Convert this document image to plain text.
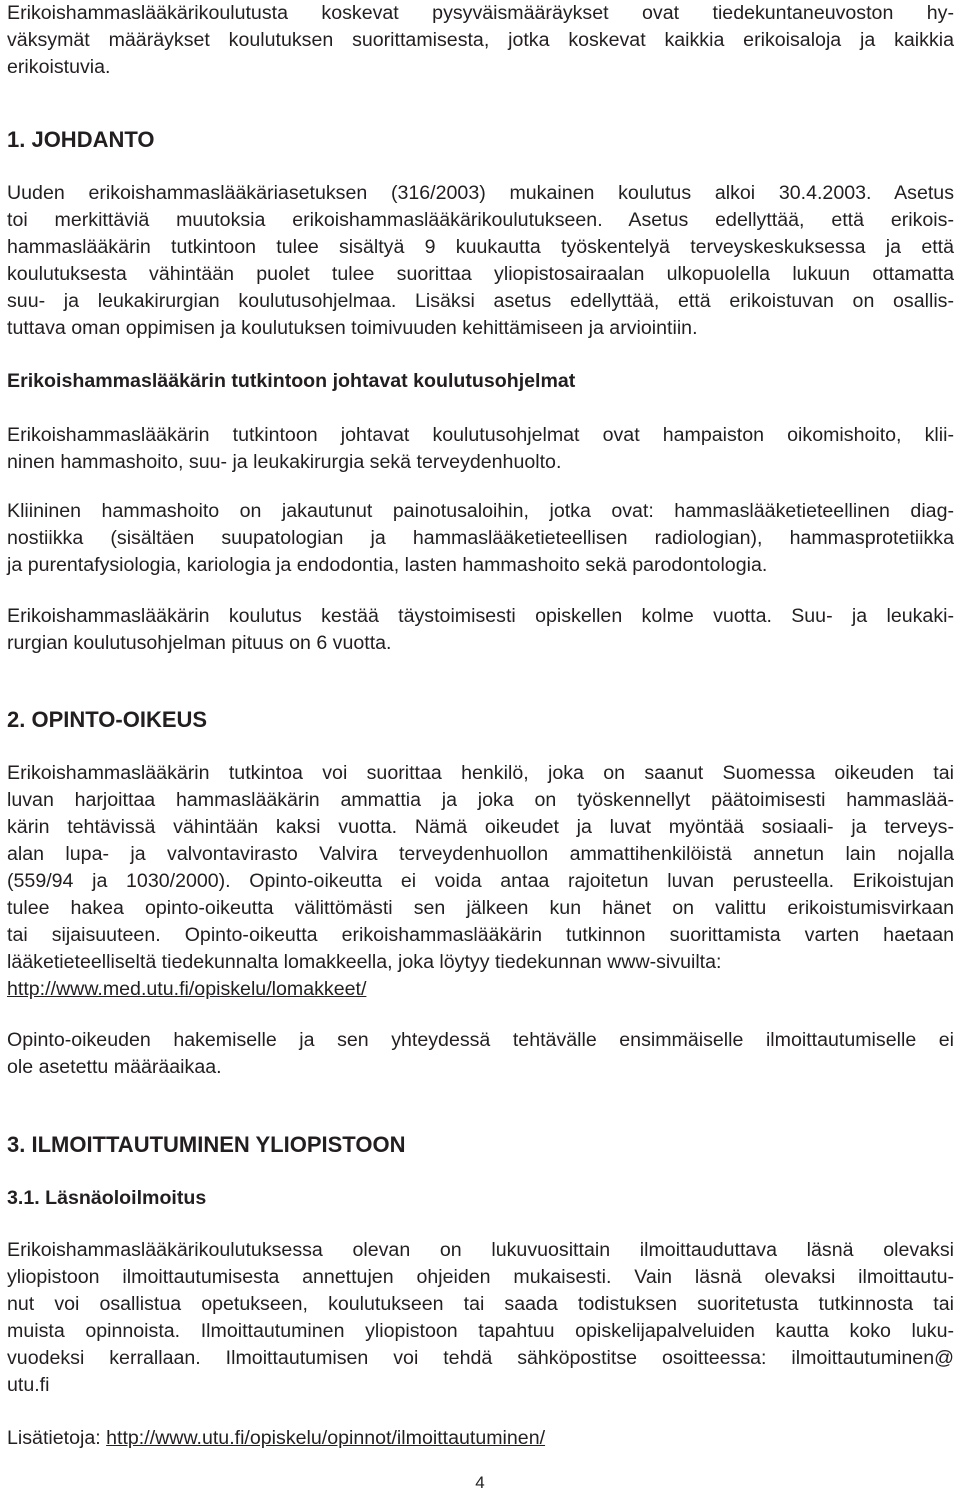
Erikoishammaslääkärikoulutusta koskevat pysyväismääräykset ovat tiedekuntaneuvoston hy-
väksymät määräykset koulutuksen suorittamisesta, jotka koskevat kaikkia erikoisaloja ja kaikkia
erikoistuvia.
1. JOHDANTO
Uuden erikoishammaslääkäriasetuksen (316/2003) mukainen koulutus alkoi 30.4.2003. Asetus
toi merkittäviä muutoksia erikoishammaslääkärikoulutukseen. Asetus edellyttää, että erikois-
hammaslääkärin tutkintoon tulee sisältyä 9 kuukautta työskentelyä terveyskeskuksessa ja että
koulutuksesta vähintään puolet tulee suorittaa yliopistosairaalan ulkopuolella lukuun ottamatta
suu- ja leukakirurgian koulutusohjelmaa. Lisäksi asetus edellyttää, että erikoistuvan on osallis-
tuttava oman oppimisen ja koulutuksen toimivuuden kehittämiseen ja arviointiin.
Erikoishammaslääkärin tutkintoon johtavat koulutusohjelmat
Erikoishammaslääkärin tutkintoon johtavat koulutusohjelmat ovat hampaiston oikomishoito, klii-
ninen hammashoito, suu- ja leukakirurgia sekä terveydenhuolto.
Kliininen hammashoito on jakautunut painotusaloihin, jotka ovat: hammaslääketieteellinen diag-
nostiikka (sisältäen suupatologian ja hammaslääketieteellisen radiologian), hammasprotetiikka
ja purentafysiologia, kariologia ja endodontia, lasten hammashoito sekä parodontologia.
Erikoishammaslääkärin koulutus kestää täystoimisesti opiskellen kolme vuotta. Suu- ja leukaki-
rurgian koulutusohjelman pituus on 6 vuotta.
2. OPINTO-OIKEUS
Erikoishammaslääkärin tutkintoa voi suorittaa henkilö, joka on saanut Suomessa oikeuden tai
luvan harjoittaa hammaslääkärin ammattia ja joka on työskennellyt päätoimisesti hammaslää-
kärin tehtävissä vähintään kaksi vuotta. Nämä oikeudet ja luvat myöntää sosiaali- ja terveys-
alan lupa- ja valvontavirasto Valvira terveydenhuollon ammattihenkilöistä annetun lain nojalla
(559/94 ja 1030/2000). Opinto-oikeutta ei voida antaa rajoitetun luvan perusteella. Erikoistujan
tulee hakea opinto-oikeutta välittömästi sen jälkeen kun hänet on valittu erikoistumisvirkaan
tai sijaisuuteen. Opinto-oikeutta erikoishammaslääkärin tutkinnon suorittamista varten haetaan
lääketieteelliseltä tiedekunnalta lomakkeella, joka löytyy tiedekunnan www-sivuilta:
http://www.med.utu.fi/opiskelu/lomakkeet/
Opinto-oikeuden hakemiselle ja sen yhteydessä tehtävälle ensimmäiselle ilmoittautumiselle ei
ole asetettu määräaikaa.
3. ILMOITTAUTUMINEN YLIOPISTOON
3.1. Läsnäoloilmoitus
Erikoishammaslääkärikoulutuksessa olevan on lukuvuosittain ilmoittauduttava läsnä olevaksi
yliopistoon ilmoittautumisesta annettujen ohjeiden mukaisesti. Vain läsnä olevaksi ilmoittautu-
nut voi osallistua opetukseen, koulutukseen tai saada todistuksen suoritetusta tutkinnosta tai
muista opinnoista. Ilmoittautuminen yliopistoon tapahtuu opiskelijapalveluiden kautta koko luku-
vuodeksi kerrallaan. Ilmoittautumisen voi tehdä sähköpostitse osoitteessa: ilmoittautuminen@
utu.fi
Lisätietoja: http://www.utu.fi/opiskelu/opinnot/ilmoittautuminen/
4
